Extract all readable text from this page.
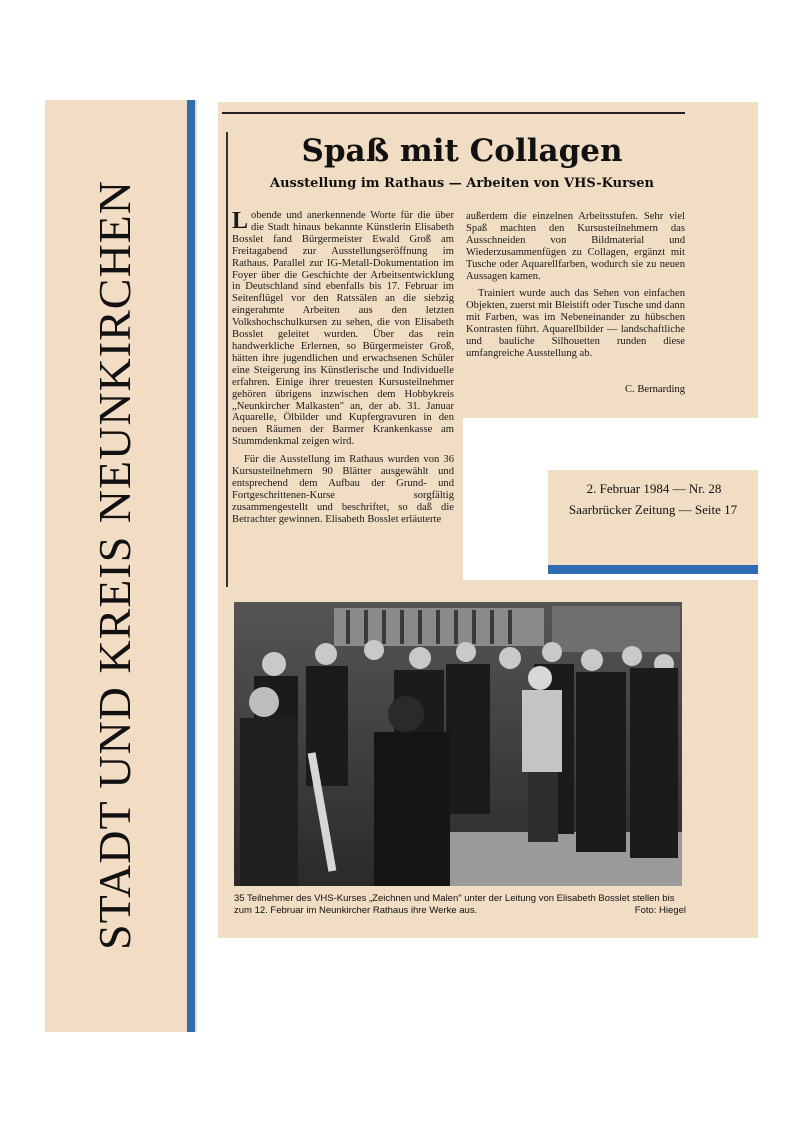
STADT UND KREIS NEUNKIRCHEN
Spaß mit Collagen
Ausstellung im Rathaus — Arbeiten von VHS-Kursen

Lobende und anerkennende Worte für die über die Stadt hinaus bekannte Künstlerin Elisabeth Bosslet fand Bürgermeister Ewald Groß am Freitagabend zur Ausstellungseröffnung im Rathaus. Parallel zur IG-Metall-Dokumentation im Foyer über die Geschichte der Arbeitsentwicklung in Deutschland sind ebenfalls bis 17. Februar im Seitenflügel vor den Ratssälen an die siebzig eingerahmte Arbeiten aus den letzten Volkshochschulkursen zu sehen, die von Elisabeth Bosslet geleitet wurden. Über das rein handwerkliche Erlernen, so Bürgermeister Groß, hätten ihre jugendlichen und erwachsenen Schüler eine Steigerung ins Künstlerische und Individuelle erfahren. Einige ihrer treuesten Kursusteilnehmer gehören übrigens inzwischen dem Hobbykreis „Neunkircher Malkasten" an, der ab. 31. Januar Aquarelle, Ölbilder und Kupfergravuren in den neuen Räumen der Barmer Krankenkasse am Stummdenkmal zeigen wird.

Für die Ausstellung im Rathaus wurden von 36 Kursusteilnehmern 90 Blätter ausgewählt und entsprechend dem Aufbau der Grund- und Fortgeschrittenen-Kurse sorgfältig zusammengestellt und beschriftet, so daß die Betrachter gewinnen. Elisabeth Bosslet erläuterte

außerdem die einzelnen Arbeitsstufen. Sehr viel Spaß machten den Kursusteilnehmern das Ausschneiden von Bildmaterial und Wiederzusammenfügen zu Collagen, ergänzt mit Tusche oder Aquarellfarben, wodurch sie zu neuen Aussagen kamen.

Trainiert wurde auch das Sehen von einfachen Objekten, zuerst mit Bleistift oder Tusche und dann mit Farben, was im Nebeneinander zu hübschen Kontrasten führt. Aquarellbilder — landschaftliche und bauliche Silhouetten runden diese umfangreiche Ausstellung ab.

C. Bernarding
2. Februar 1984 — Nr. 28
Saarbrücker Zeitung — Seite 17
35 Teilnehmer des VHS-Kurses „Zeichnen und Malen" unter der Leitung von Elisabeth Bosslet stellen bis zum 12. Februar im Neunkircher Rathaus ihre Werke aus.	Foto: Hiegel
